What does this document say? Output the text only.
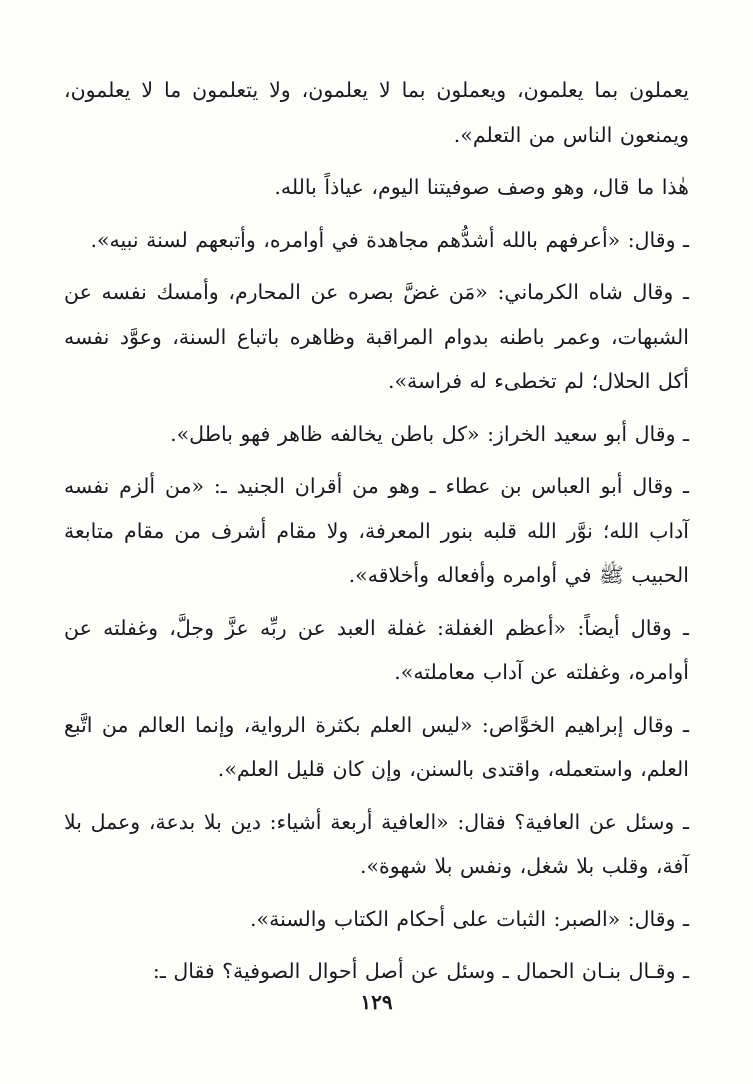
يعملون بما يعلمون، ويعملون بما لا يعلمون، ولا يتعلمون ما لا يعلمون، ويمنعون الناس من التعلم».

هٰذا ما قال، وهو وصف صوفيتنا اليوم، عياذاً بالله.

ـ وقال: «أعرفهم بالله أشدُّهم مجاهدة في أوامره، وأتبعهم لسنة نبيه».

ـ وقال شاه الكرماني: «مَن غضَّ بصره عن المحارم، وأمسك نفسه عن الشبهات، وعمر باطنه بدوام المراقبة وظاهره باتباع السنة، وعوَّد نفسه أكل الحلال؛ لم تخطىء له فراسة».

ـ وقال أبو سعيد الخراز: «كل باطن يخالفه ظاهر فهو باطل».

ـ وقال أبو العباس بن عطاء ـ وهو من أقران الجنيد ـ: «من ألزم نفسه آداب الله؛ نوَّر الله قلبه بنور المعرفة، ولا مقام أشرف من مقام متابعة الحبيب ﷺ في أوامره وأفعاله وأخلاقه».

ـ وقال أيضاً: «أعظم الغفلة: غفلة العبد عن ربِّه عزَّ وجلَّ، وغفلته عن أوامره، وغفلته عن آداب معاملته».

ـ وقال إبراهيم الخوَّاص: «ليس العلم بكثرة الرواية، وإنما العالم من اتَّبع العلم، واستعمله، واقتدى بالسنن، وإن كان قليل العلم».

ـ وسئل عن العافية؟ فقال: «العافية أربعة أشياء: دين بلا بدعة، وعمل بلا آفة، وقلب بلا شغل، ونفس بلا شهوة».

ـ وقال: «الصبر: الثبات على أحكام الكتاب والسنة».

ـ وقـال بنـان الحمال ـ وسئل عن أصل أحوال الصوفية؟ فقال ـ:

١٢٩
